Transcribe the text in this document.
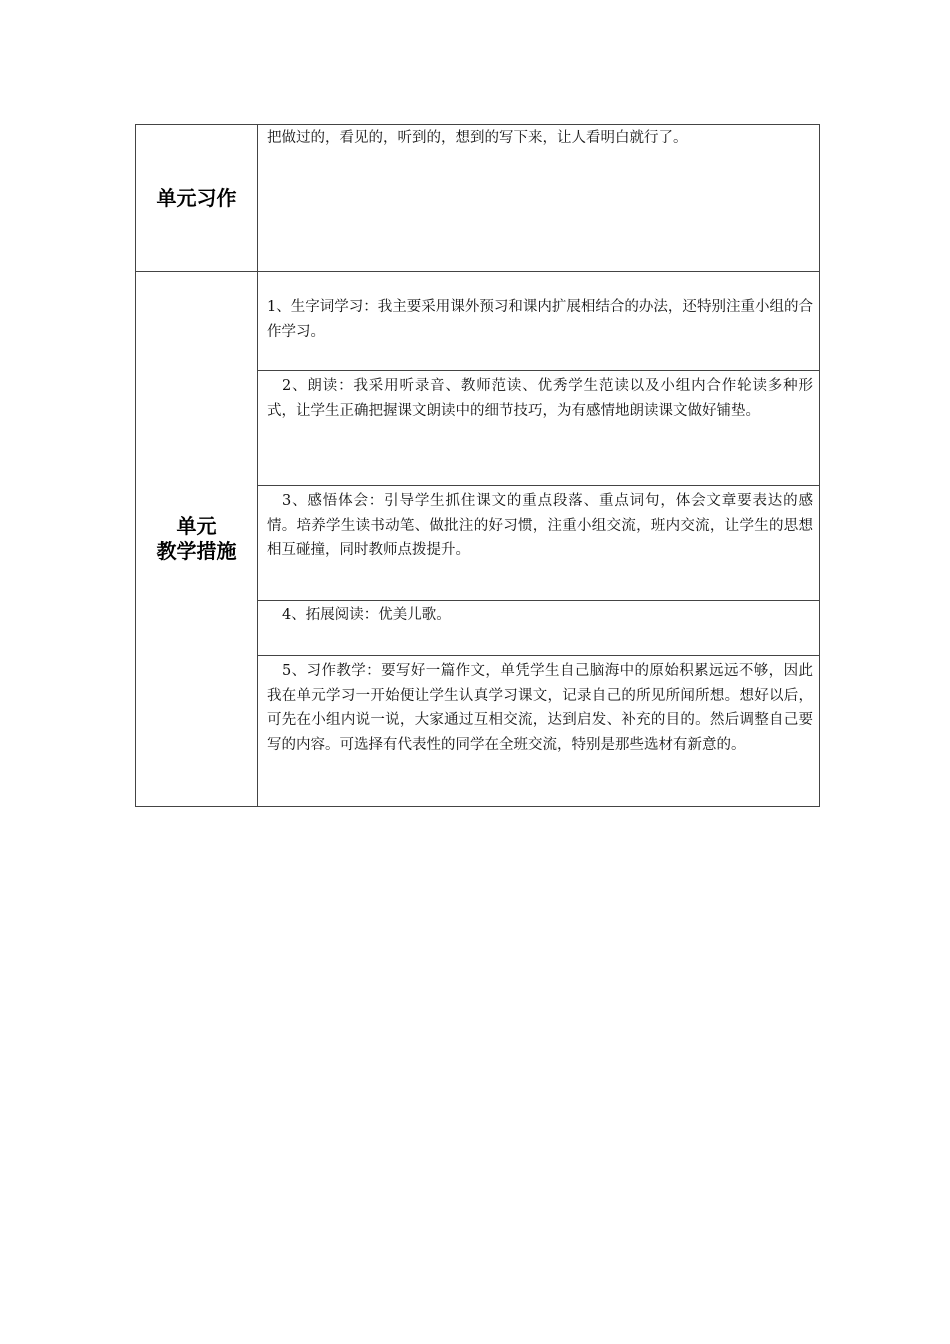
单元习作	把做过的，看见的，听到的，想到的写下来，让人看明白就行了。

单元
教学措施	1、生字词学习：我主要采用课外预习和课内扩展相结合的办法，还特别注重小组的合作学习。

	2、朗读：我采用听录音、教师范读、优秀学生范读以及小组内合作轮读多种形式，让学生正确把握课文朗读中的细节技巧，为有感情地朗读课文做好铺垫。

	3、感悟体会：引导学生抓住课文的重点段落、重点词句，体会文章要表达的感情。培养学生读书动笔、做批注的好习惯，注重小组交流，班内交流，让学生的思想相互碰撞，同时教师点拨提升。

	4、拓展阅读：优美儿歌。

	5、习作教学：要写好一篇作文，单凭学生自己脑海中的原始积累远远不够，因此我在单元学习一开始便让学生认真学习课文，记录自己的所见所闻所想。想好以后，可先在小组内说一说，大家通过互相交流，达到启发、补充的目的。然后调整自己要写的内容。可选择有代表性的同学在全班交流，特别是那些选材有新意的。
